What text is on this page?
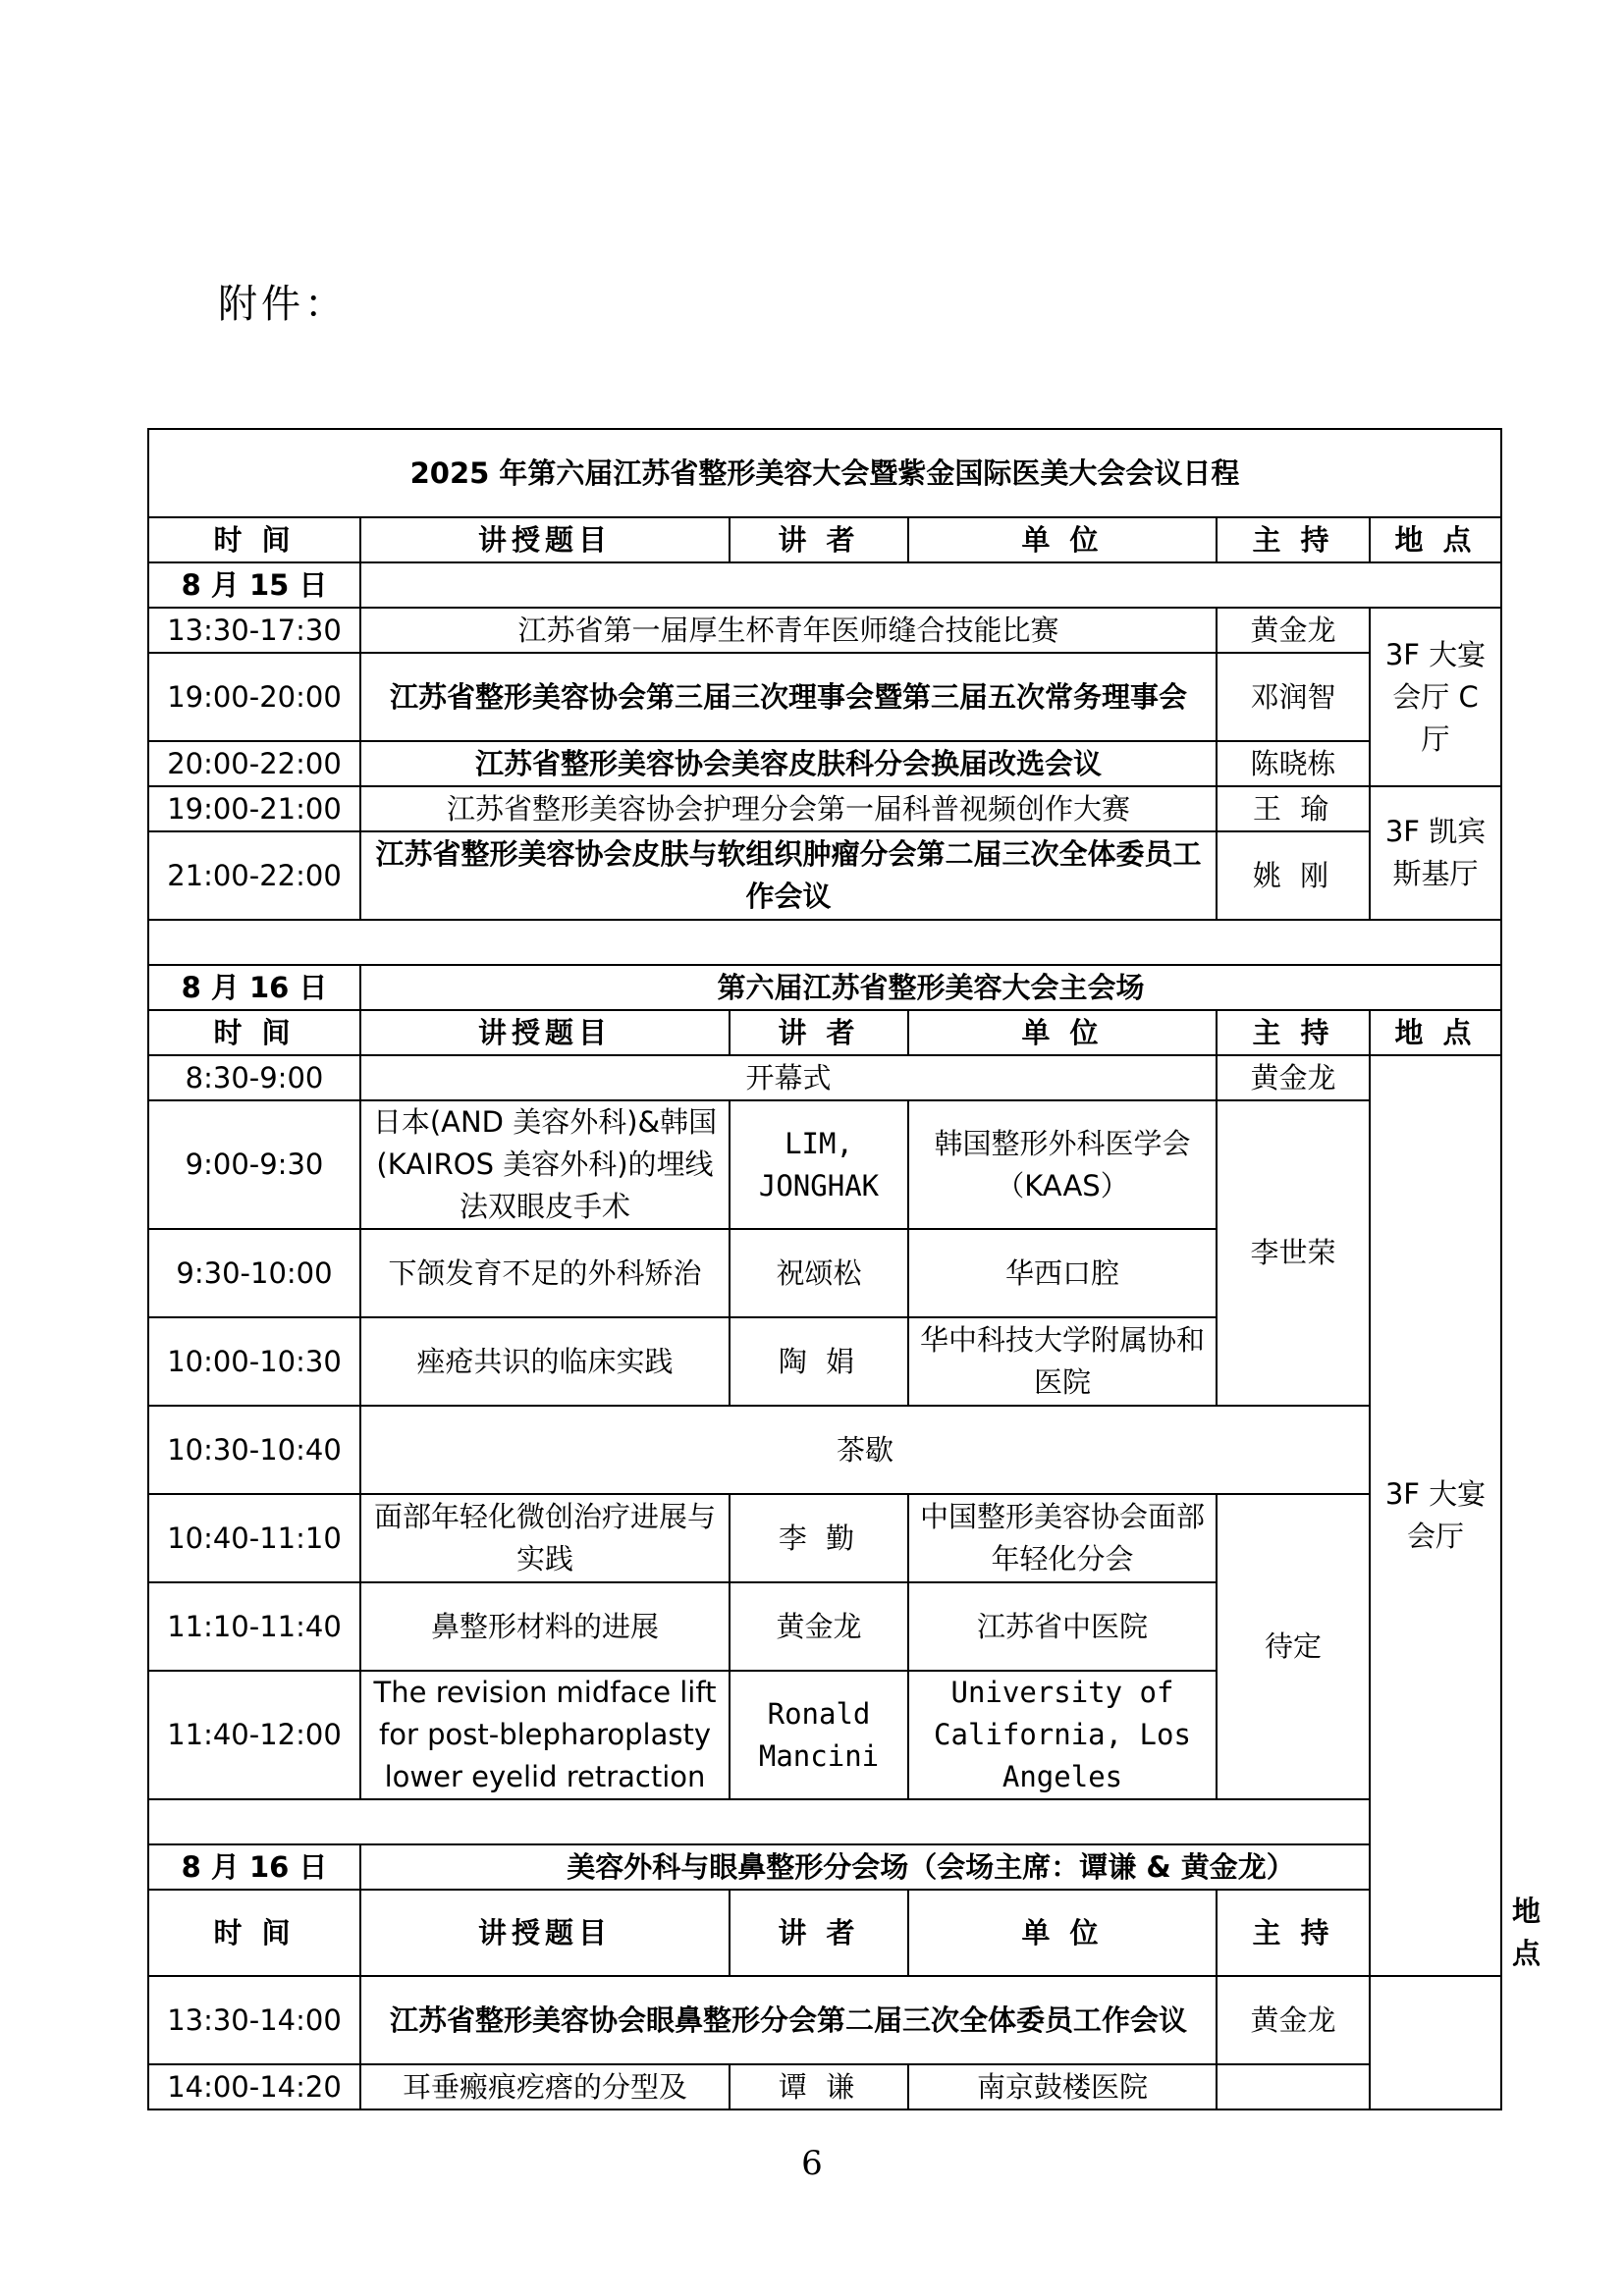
附件：
2025 年第六届江苏省整形美容大会暨紫金国际医美大会会议日程						
时 间	讲授题目	讲 者	单 位	主 持	地 点	
8 月 15 日						
13:30-17:30	江苏省第一届厚生杯青年医师缝合技能比赛			黄金龙	3F 大宴会厅 C 厅	
19:00-20:00	江苏省整形美容协会第三届三次理事会暨第三届五次常务理事会			邓润智		
20:00-22:00	江苏省整形美容协会美容皮肤科分会换届改选会议			陈晓栋		
19:00-21:00	江苏省整形美容协会护理分会第一届科普视频创作大赛			王 瑜	3F 凯宾斯基厅	
21:00-22:00	江苏省整形美容协会皮肤与软组织肿瘤分会第二届三次全体委员工作会议			姚 刚		

8 月 16 日	第六届江苏省整形美容大会主会场					
时 间	讲授题目	讲 者	单 位	主 持	地 点	
8:30-9:00	开幕式			黄金龙	3F 大宴会厅	
9:00-9:30	日本(AND 美容外科)&韩国(KAIROS 美容外科)的埋线法双眼皮手术	LIM, JONGHAK	韩国整形外科医学会（KAAS）	李世荣		
9:30-10:00	下颌发育不足的外科矫治	祝颂松	华西口腔			
10:00-10:30	痤疮共识的临床实践	陶 娟	华中科技大学附属协和医院			
10:30-10:40	茶歇					
10:40-11:10	面部年轻化微创治疗进展与实践	李 勤	中国整形美容协会面部年轻化分会	待定		
11:10-11:40	鼻整形材料的进展	黄金龙	江苏省中医院			
11:40-12:00	The revision midface lift for post-blepharoplasty lower eyelid retraction	Ronald Mancini	University of California, Los Angeles			

8 月 16 日	美容外科与眼鼻整形分会场（会场主席：谭谦 & 黄金龙）					
时 间	讲授题目	讲 者	单 位	主 持		地 点
13:30-14:00	江苏省整形美容协会眼鼻整形分会第二届三次全体委员工作会议			黄金龙		
14:00-14:20	耳垂瘢痕疙瘩的分型及	谭 谦	南京鼓楼医院			
6
